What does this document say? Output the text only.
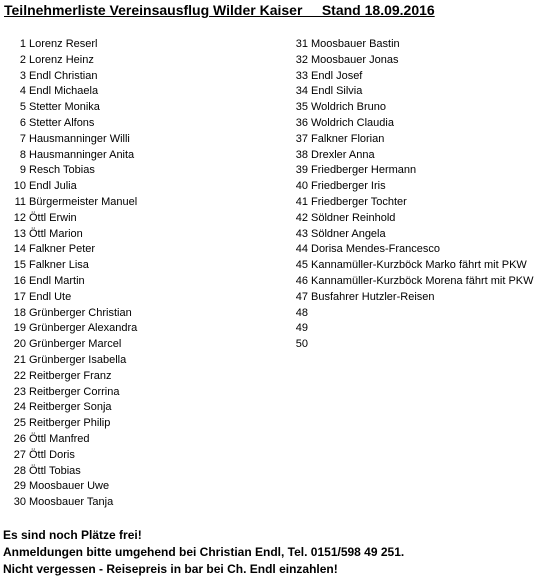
Teilnehmerliste Vereinsausflug Wilder Kaiser     Stand 18.09.2016
1 Lorenz Reserl
2 Lorenz Heinz
3 Endl Christian
4 Endl Michaela
5 Stetter Monika
6 Stetter Alfons
7 Hausmanninger Willi
8 Hausmanninger Anita
9 Resch Tobias
10 Endl Julia
11 Bürgermeister Manuel
12 Öttl Erwin
13 Öttl Marion
14 Falkner Peter
15 Falkner Lisa
16 Endl Martin
17 Endl Ute
18 Grünberger Christian
19 Grünberger Alexandra
20 Grünberger Marcel
21 Grünberger Isabella
22 Reitberger Franz
23 Reitberger Corrina
24 Reitberger Sonja
25 Reitberger Philip
26 Öttl Manfred
27 Öttl Doris
28 Öttl Tobias
29 Moosbauer Uwe
30 Moosbauer Tanja
31 Moosbauer Bastin
32 Moosbauer Jonas
33 Endl Josef
34 Endl Silvia
35 Woldrich Bruno
36 Woldrich Claudia
37 Falkner Florian
38 Drexler Anna
39 Friedberger Hermann
40 Friedberger Iris
41 Friedberger Tochter
42 Söldner Reinhold
43 Söldner Angela
44 Dorisa Mendes-Francesco
45 Kannamüller-Kurzböck Marko fährt mit PKW
46 Kannamüller-Kurzböck Morena fährt mit PKW
47 Busfahrer Hutzler-Reisen
48
49
50
Es sind noch Plätze frei!
Anmeldungen bitte umgehend bei Christian Endl, Tel. 0151/598 49 251.
Nicht vergessen - Reisepreis in bar bei Ch. Endl einzahlen!
